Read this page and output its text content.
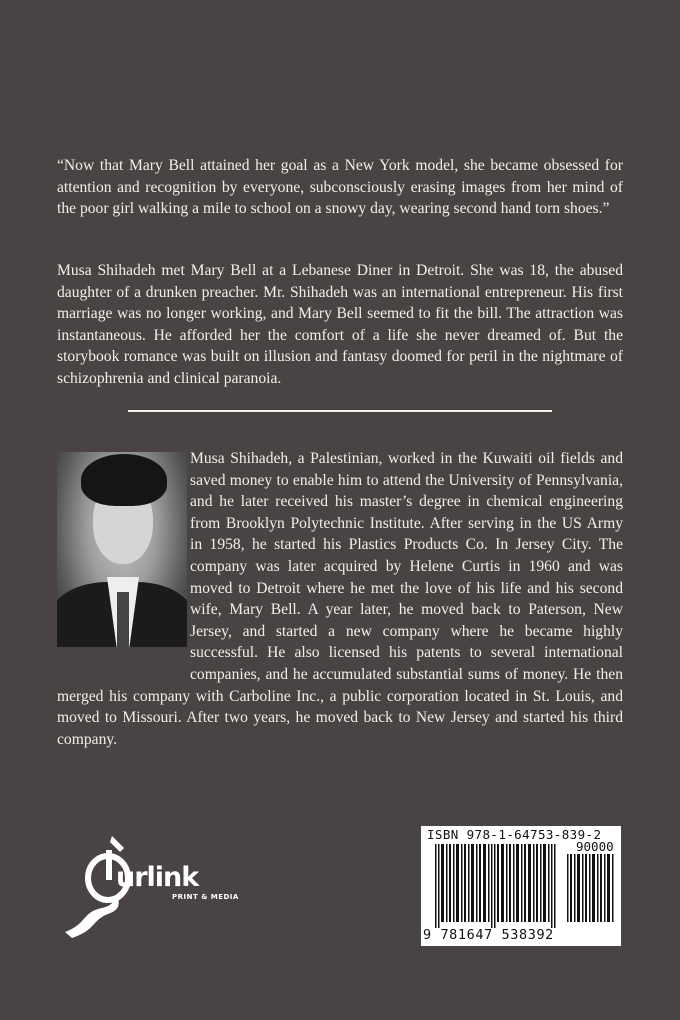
“Now that Mary Bell attained her goal as a New York model, she became obsessed for attention and recognition by everyone, subconsciously erasing images from her mind of the poor girl walking a mile to school on a snowy day, wearing second hand torn shoes.”

Musa Shihadeh met Mary Bell at a Lebanese Diner in Detroit. She was 18, the abused daughter of a drunken preacher. Mr. Shihadeh was an international entrepreneur. His first marriage was no longer working, and Mary Bell seemed to fit the bill. The attraction was instantaneous. He afforded her the comfort of a life she never dreamed of. But the storybook romance was built on illusion and fantasy doomed for peril in the nightmare of schizophrenia and clinical paranoia.

Musa Shihadeh, a Palestinian, worked in the Kuwaiti oil fields and saved money to enable him to attend the University of Pennsylvania, and he later received his master’s degree in chemical engineering from Brooklyn Polytechnic Institute. After serving in the US Army in 1958, he started his Plastics Products Co. In Jersey City. The company was later acquired by Helene Curtis in 1960 and was moved to Detroit where he met the love of his life and his second wife, Mary Bell. A year later, he moved back to Paterson, New Jersey, and started a new company where he became highly successful. He also licensed his patents to several international companies, and he accumulated substantial sums of money. He then merged his company with Carboline Inc., a public corporation located in St. Louis, and moved to Missouri. After two years, he moved back to New Jersey and started his third company.

urlink
PRINT & MEDIA
ISBN 978-1-64753-839-2
90000
9 781647 538392
